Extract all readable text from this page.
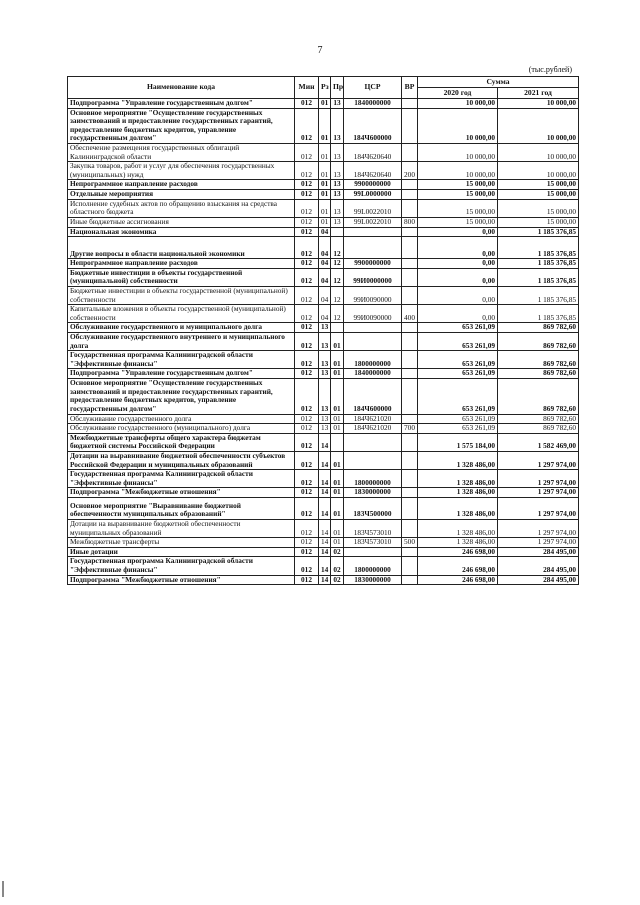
7
(тыс.рублей)
Наименование кода	Мин	Рз	Пр	ЦСР	ВР	Сумма	
						2020 год	2021 год
Подпрограмма "Управление государственным долгом"	012	01	13	1840000000		10 000,00	10 000,00
Основное мероприятие "Осуществление государственных заимствований и предоставление государственных гарантий, предоставление бюджетных кредитов, управление государственным долгом"	012	01	13	184Ч600000		10 000,00	10 000,00
Обеспечение размещения государственных облигаций Калининградской области	012	01	13	184Ч620640		10 000,00	10 000,00
Закупка товаров, работ и услуг для обеспечения государственных (муниципальных) нужд	012	01	13	184Ч620640	200	10 000,00	10 000,00
Непрограммное направление расходов	012	01	13	9900000000		15 000,00	15 000,00
Отдельные мероприятия	012	01	13	99L0000000		15 000,00	15 000,00
Исполнение судебных актов по обращению взыскания на средства областного бюджета	012	01	13	99L0022010		15 000,00	15 000,00
Иные бюджетные ассигнования	012	01	13	99L0022010	800	15 000,00	15 000,00
Национальная экономика	012	04				0,00	1 185 376,85
Другие вопросы в области национальной экономики	012	04	12			0,00	1 185 376,85
Непрограммное направление расходов	012	04	12	9900000000		0,00	1 185 376,85
Бюджетные инвестиции в объекты государственной (муниципальной) собственности	012	04	12	99И0000000		0,00	1 185 376,85
Бюджетные инвестиции в объекты государственной (муниципальной) собственности	012	04	12	99И0090000		0,00	1 185 376,85
Капитальные вложения в объекты государственной (муниципальной) собственности	012	04	12	99И0090000	400	0,00	1 185 376,85
Обслуживание государственного и муниципального долга	012	13				653 261,09	869 782,60
Обслуживание государственного внутреннего и муниципального долга	012	13	01			653 261,09	869 782,60
Государственная программа Калининградской области "Эффективные финансы"	012	13	01	1800000000		653 261,09	869 782,60
Подпрограмма "Управление государственным долгом"	012	13	01	1840000000		653 261,09	869 782,60
Основное мероприятие "Осуществление государственных заимствований и предоставление государственных гарантий, предоставление бюджетных кредитов, управление государственным долгом"	012	13	01	184Ч600000		653 261,09	869 782,60
Обслуживание государственного долга	012	13	01	184Ч621020		653 261,09	869 782,60
Обслуживание государственного (муниципального) долга	012	13	01	184Ч621020	700	653 261,09	869 782,60
Межбюджетные трансферты общего характера бюджетам бюджетной системы Российской Федерации	012	14				1 575 184,00	1 582 469,00
Дотации на выравнивание бюджетной обеспеченности субъектов Российской Федерации и муниципальных образований	012	14	01			1 328 486,00	1 297 974,00
Государственная программа Калининградской области "Эффективные финансы"	012	14	01	1800000000		1 328 486,00	1 297 974,00
Подпрограмма "Межбюджетные отношения"	012	14	01	1830000000		1 328 486,00	1 297 974,00
Основное мероприятие "Выравнивание бюджетной обеспеченности муниципальных образований"	012	14	01	183Ч500000		1 328 486,00	1 297 974,00
Дотации на выравнивание бюджетной обеспеченности муниципальных образований	012	14	01	183Ч573010		1 328 486,00	1 297 974,00
Межбюджетные трансферты	012	14	01	183Ч573010	500	1 328 486,00	1 297 974,00
Иные дотации	012	14	02			246 698,00	284 495,00
Государственная программа Калининградской области "Эффективные финансы"	012	14	02	1800000000		246 698,00	284 495,00
Подпрограмма "Межбюджетные отношения"	012	14	02	1830000000		246 698,00	284 495,00
